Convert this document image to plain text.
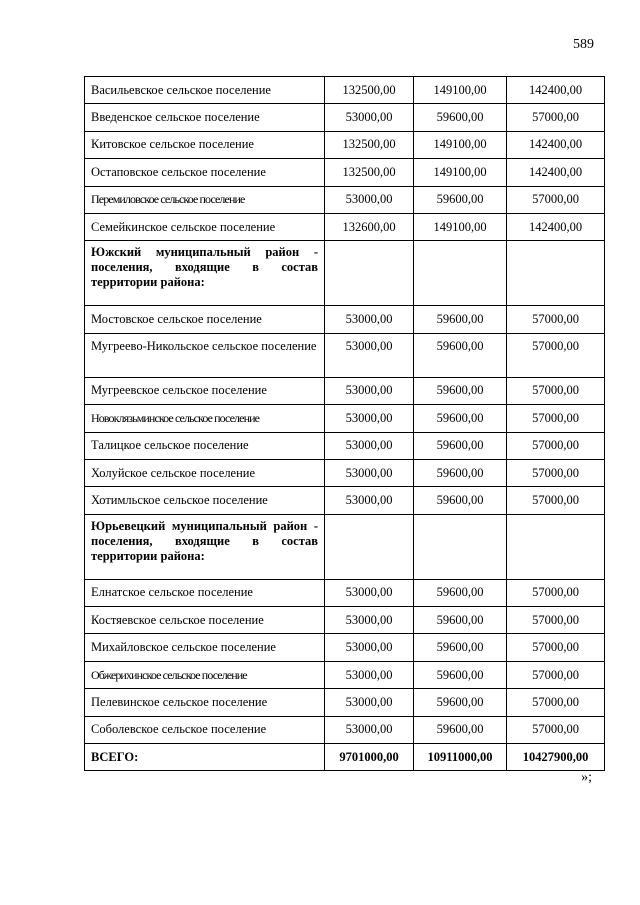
589
Васильевское сельское поселение	132500,00	149100,00	142400,00
Введенское сельское поселение	53000,00	59600,00	57000,00
Китовское сельское поселение	132500,00	149100,00	142400,00
Остаповское сельское поселение	132500,00	149100,00	142400,00
Перемиловское сельское поселение	53000,00	59600,00	57000,00
Семейкинское сельское поселение	132600,00	149100,00	142400,00
Южский муниципальный район - поселения, входящие в состав территории района:			
Мостовское сельское поселение	53000,00	59600,00	57000,00
Мугреево-Никольское сельское поселение	53000,00	59600,00	57000,00
Мугреевское сельское поселение	53000,00	59600,00	57000,00
Новоклязьминское сельское поселение	53000,00	59600,00	57000,00
Талицкое сельское поселение	53000,00	59600,00	57000,00
Холуйское сельское поселение	53000,00	59600,00	57000,00
Хотимльское сельское поселение	53000,00	59600,00	57000,00
Юрьевецкий муниципальный район - поселения, входящие в состав территории района:			
Елнатское сельское поселение	53000,00	59600,00	57000,00
Костяевское сельское поселение	53000,00	59600,00	57000,00
Михайловское сельское поселение	53000,00	59600,00	57000,00
Обжерихинское сельское поселение	53000,00	59600,00	57000,00
Пелевинское сельское поселение	53000,00	59600,00	57000,00
Соболевское сельское поселение	53000,00	59600,00	57000,00
ВСЕГО:	9701000,00	10911000,00	10427900,00
»;
